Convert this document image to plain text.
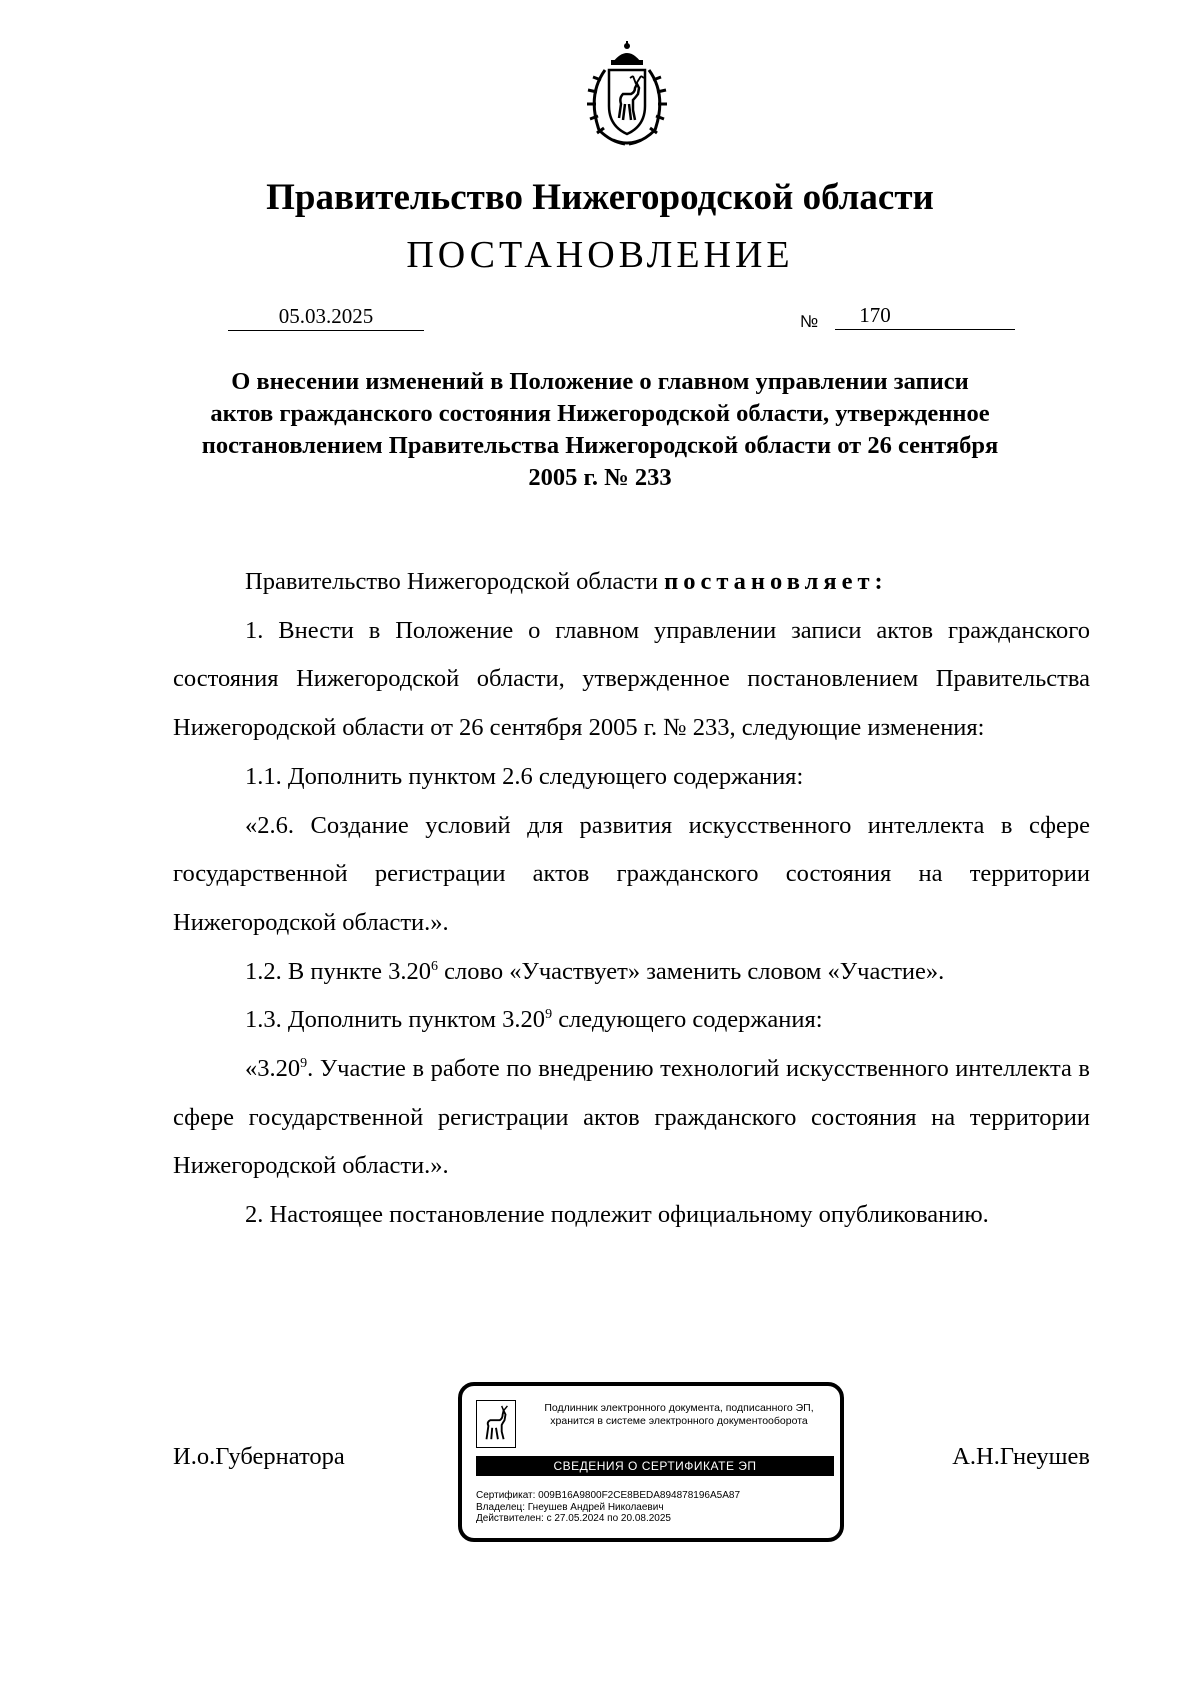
Правительство Нижегородской области
ПОСТАНОВЛЕНИЕ
05.03.2025	№	170
О внесении изменений в Положение о главном управлении записи актов гражданского состояния Нижегородской области, утвержденное постановлением Правительства Нижегородской области от 26 сентября 2005 г. № 233

Правительство Нижегородской области постановляет:

1. Внести в Положение о главном управлении записи актов гражданского состояния Нижегородской области, утвержденное постановлением Правительства Нижегородской области от 26 сентября 2005 г. № 233, следующие изменения:

1.1. Дополнить пунктом 2.6 следующего содержания:

«2.6. Создание условий для развития искусственного интеллекта в сфере государственной регистрации актов гражданского состояния на территории Нижегородской области.».

1.2. В пункте 3.20$^6$ слово «Участвует» заменить словом «Участие».

1.3. Дополнить пунктом 3.20$^9$ следующего содержания:

«3.20$^9$. Участие в работе по внедрению технологий искусственного интеллекта в сфере государственной регистрации актов гражданского состояния на территории Нижегородской области.».

2. Настоящее постановление подлежит официальному опубликованию.

И.о.Губернатора	А.Н.Гнеушев
Подлинник электронного документа, подписанного ЭП,
хранится в системе электронного документооборота
СВЕДЕНИЯ О СЕРТИФИКАТЕ ЭП
Сертификат: 009B16A9800F2CE8BEDA894878196A5A87
Владелец: Гнеушев Андрей Николаевич
Действителен: с 27.05.2024 по 20.08.2025
